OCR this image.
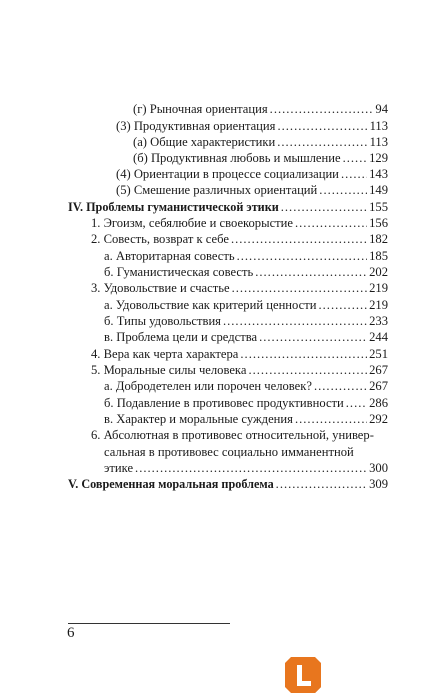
(г) Рыночная ориентация .....	94
(3) Продуктивная ориентация .....	113
(а) Общие характеристики .....	113
(б) Продуктивная любовь и мышление ..... 129
(4) Ориентации в процессе социализации ..... 143
(5) Смешение различных ориентаций .....	149
IV. Проблемы гуманистической этики .....	155
1. Эгоизм, себялюбие и своекорыстие .....	156
2. Совесть, возврат к себе .....	182
а. Авторитарная совесть .....	185
б. Гуманистическая совесть .....	202
3. Удовольствие и счастье .....	219
а. Удовольствие как критерий ценности .....	219
б. Типы удовольствия .....	233
в. Проблема цели и средства .....	244
4. Вера как черта характера .....	251
5. Моральные силы человека .....	267
а. Добродетелен или порочен человек? .....	267
б. Подавление в противовес продуктивности ..... 286
в. Характер и моральные суждения .....	292
6. Абсолютная в противовес относительной, универ-
сальная в противовес социально имманентной
этике .....	300
V. Современная моральная проблема .....	309
6
